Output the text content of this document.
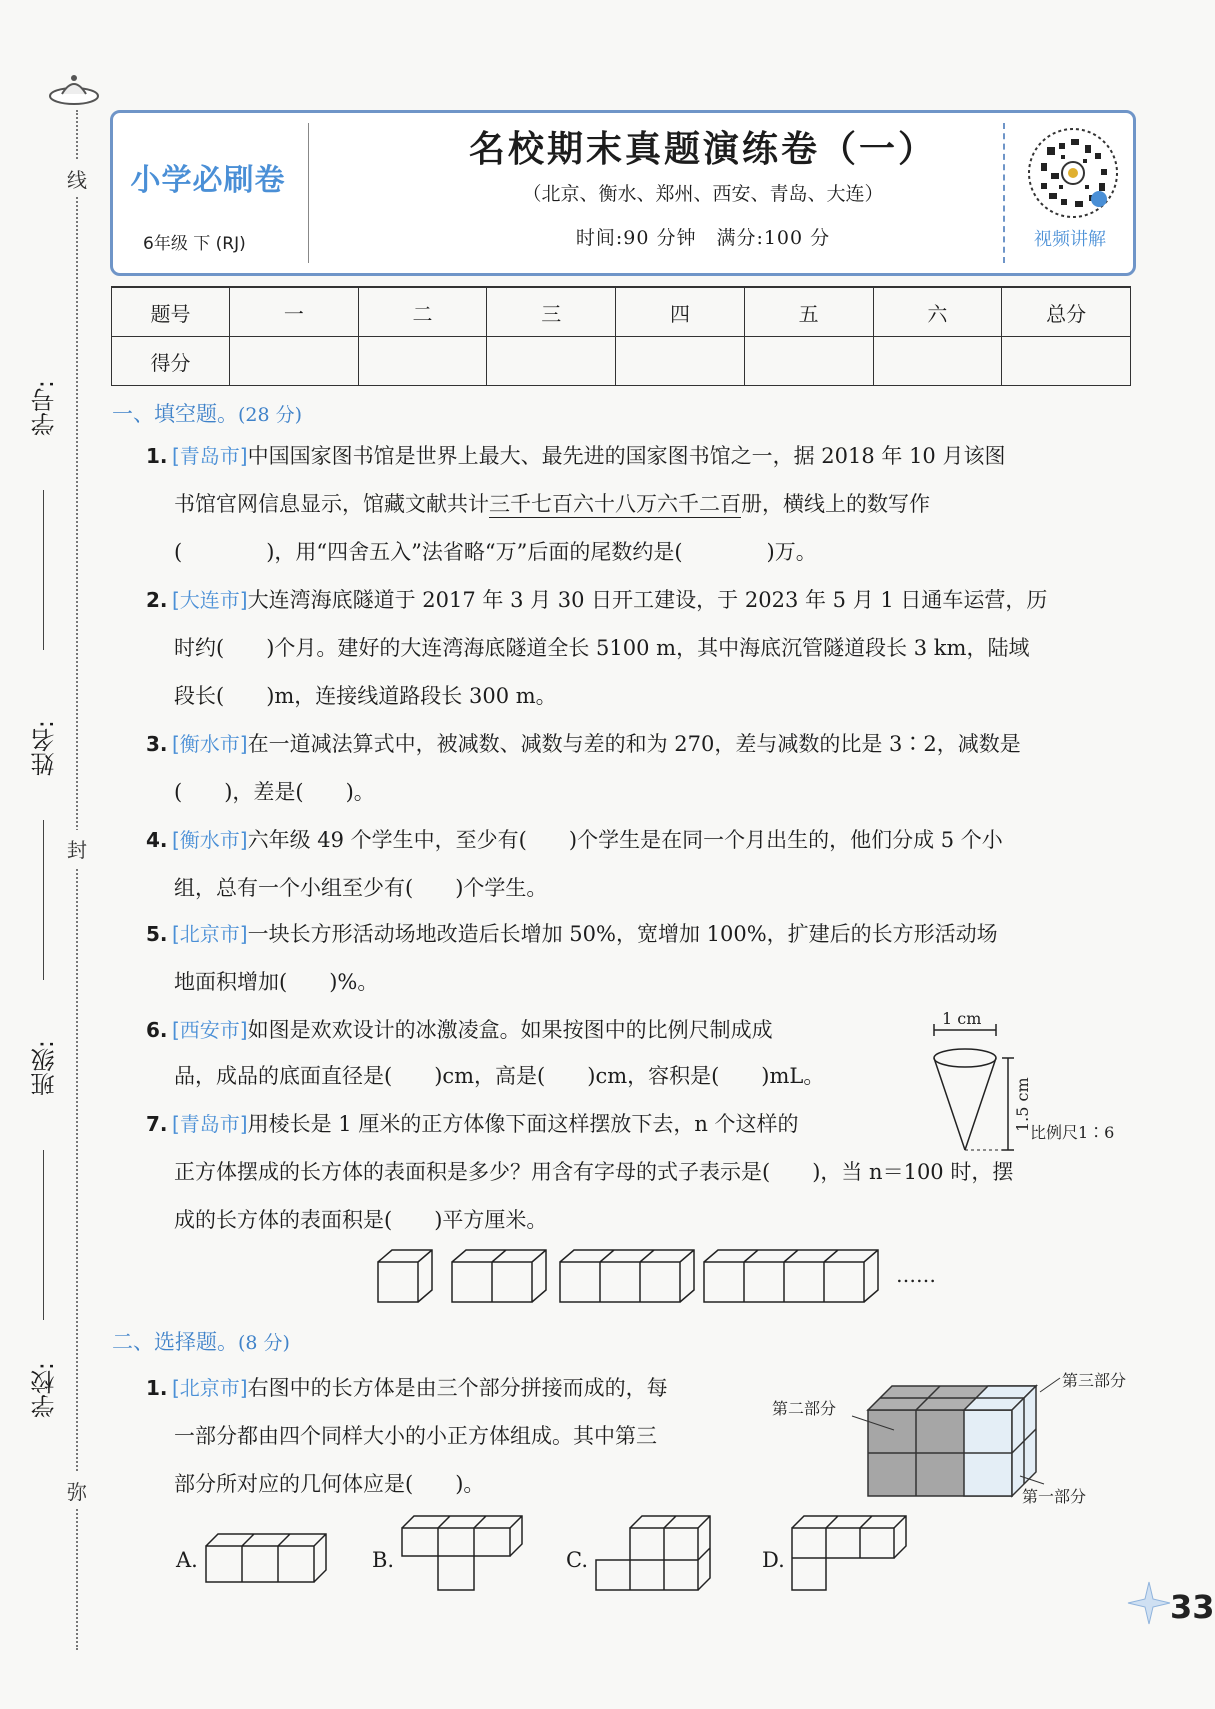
线
封
弥
学号:
姓名:
班级:
学校:
小学必刷卷
6年级 下 (RJ)
名校期末真题演练卷（一）
（北京、衡水、郑州、西安、青岛、大连）
时间:90 分钟　满分:100 分	视频讲解
题号	一	二	三	四	五	六	总分
得分							
一、填空题。(28 分)
1. [青岛市]中国国家图书馆是世界上最大、最先进的国家图书馆之一，据 2018 年 10 月该图
书馆官网信息显示，馆藏文献共计三千七百六十八万六千二百册，横线上的数写作
(　　　　)，用“四舍五入”法省略“万”后面的尾数约是(　　　　)万。
2. [大连市]大连湾海底隧道于 2017 年 3 月 30 日开工建设，于 2023 年 5 月 1 日通车运营，历
时约(　　)个月。建好的大连湾海底隧道全长 5100 m，其中海底沉管隧道段长 3 km，陆域
段长(　　)m，连接线道路段长 300 m。
3. [衡水市]在一道减法算式中，被减数、减数与差的和为 270，差与减数的比是 3∶2，减数是
(　　)，差是(　　)。
4. [衡水市]六年级 49 个学生中，至少有(　　)个学生是在同一个月出生的，他们分成 5 个小
组，总有一个小组至少有(　　)个学生。
5. [北京市]一块长方形活动场地改造后长增加 50%，宽增加 100%，扩建后的长方形活动场
地面积增加(　　)%。
6. [西安市]如图是欢欢设计的冰激凌盒。如果按图中的比例尺制成成
品，成品的底面直径是(　　)cm，高是(　　)cm，容积是(　　)mL。
1 cm
1.5 cm
比例尺1∶6
7. [青岛市]用棱长是 1 厘米的正方体像下面这样摆放下去，n 个这样的
正方体摆成的长方体的表面积是多少？用含有字母的式子表示是(　　)，当 n＝100 时，摆
成的长方体的表面积是(　　)平方厘米。
……
二、选择题。(8 分)
1. [北京市]右图中的长方体是由三个部分拼接而成的，每
一部分都由四个同样大小的小正方体组成。其中第三
部分所对应的几何体应是(　　)。
第二部分
第三部分
第一部分
A.	B.	C.	D.
33
